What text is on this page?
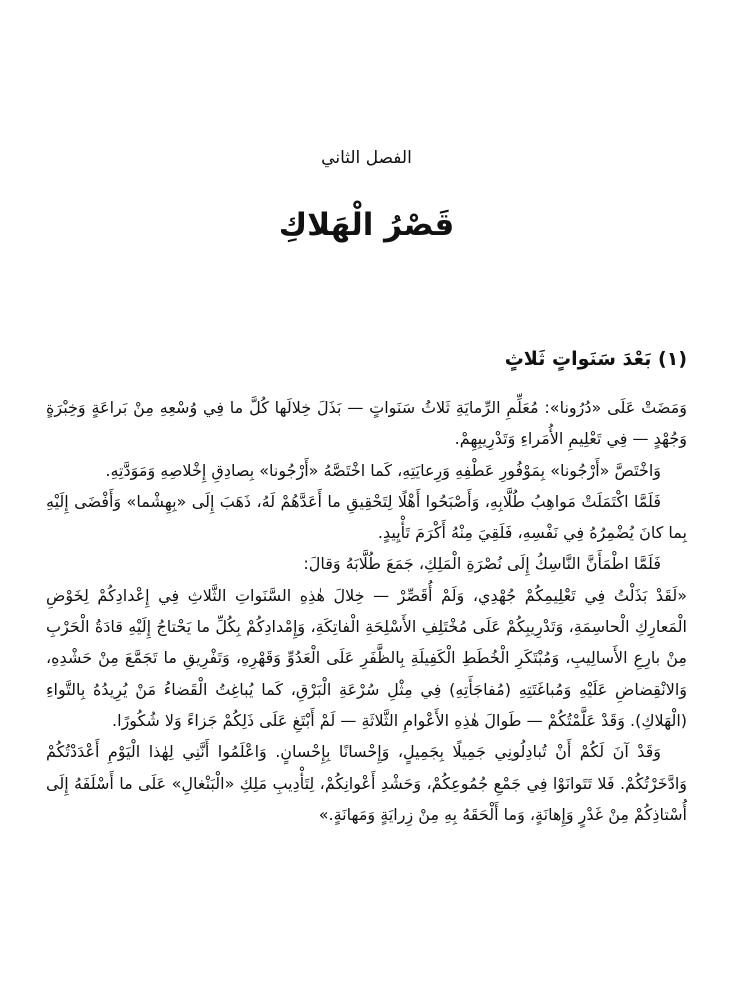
الفصل الثاني
قَصْرُ الْهَلاكِ
(١) بَعْدَ سَنَواتٍ ثَلاثٍ

وَمَضَتْ عَلَى «دُرُونا»: مُعَلِّمِ الرِّمايَةِ ثَلاثُ سَنَواتٍ — بَذَلَ خِلالَها كُلَّ ما فِي وُسْعِهِ مِنْ بَراعَةٍ وَخِبْرَةٍ وَجُهْدٍ — فِي تَعْلِيمِ الأُمَراءِ وَتَدْرِيبِهِمْ.

وَاخْتَصَّ «أَرْجُونا» بِمَوْفُورِ عَطْفِهِ وَرِعايَتِهِ، كَما اخْتَصَّهُ «أَرْجُونا» بِصادِقِ إِخْلاصِهِ وَمَوَدَّتِهِ.

فَلَمَّا اكْتَمَلَتْ مَواهِبُ طُلَّابِهِ، وَأَصْبَحُوا أَهْلًا لِتَحْقِيقِ ما أَعَدَّهُمْ لَهُ، ذَهَبَ إِلَى «بِهِشْما» وَأَفْضَى إِلَيْهِ بِما كانَ يُضْمِرُهُ فِي نَفْسِهِ، فَلَقِيَ مِنْهُ أَكْرَمَ تَأْيِيدٍ.

فَلَمَّا اطْمَأَنَّ النَّاسِكُ إِلَى نُصْرَةِ الْمَلِكِ، جَمَعَ طُلَّابَهُ وَقالَ:

«لَقَدْ بَذَلْتُ فِي تَعْلِيمِكُمْ جُهْدِي، وَلَمْ أُقَصِّرْ — خِلالَ هٰذِهِ السَّنَواتِ الثَّلاثِ فِي إِعْدادِكُمْ لِخَوْضِ الْمَعارِكِ الْحاسِمَةِ، وَتَدْرِيبِكُمْ عَلَى مُخْتَلِفِ الأَسْلِحَةِ الْفاتِكَةِ، وَإِمْدادِكُمْ بِكُلِّ ما يَحْتاجُ إِلَيْهِ قادَةُ الْحَرْبِ مِنْ بارِعِ الأَسالِيبِ، وَمُبْتَكَرِ الْخُطَطِ الْكَفِيلَةِ بِالظَّفَرِ عَلَى الْعَدُوِّ وَقَهْرِهِ، وَتَفْرِيقِ ما تَجَمَّعَ مِنْ حَشْدِهِ، وَالانْقِضاضِ عَلَيْهِ وَمُباغَتَتِهِ (مُفاجَأَتِهِ) فِي مِثْلِ سُرْعَةِ الْبَرْقِ، كَما يُباغِتُ الْقَضاءُ مَنْ يُرِيدُهُ بِالتَّواءِ (الْهَلاكِ). وَقَدْ عَلَّمْتُكُمْ — طَوالَ هٰذِهِ الأَعْوامِ الثَّلاثَةِ — لَمْ أَبْتَغِ عَلَى ذَلِكُمْ جَزاءً وَلا شُكُورًا.

وَقَدْ آنَ لَكُمْ أَنْ تُبادِلُونِي جَمِيلًا بِجَمِيلٍ، وَإِحْسانًا بِإِحْسانٍ. وَاعْلَمُوا أَنَّنِي لِهٰذا الْيَوْمِ أَعْدَدْتُكُمْ وَادَّخَرْتُكُمْ. فَلا تَتَوانَوْا فِي جَمْعِ جُمُوعِكُمْ، وَحَشْدِ أَعْوانِكُمْ، لِتَأْدِيبِ مَلِكِ «الْبَنْغالِ» عَلَى ما أَسْلَفَهُ إِلَى أُسْتاذِكُمْ مِنْ غَدْرٍ وَإِهانَةٍ، وَما أَلْحَقَهُ بِهِ مِنْ زِرايَةٍ وَمَهانَةٍ.»
